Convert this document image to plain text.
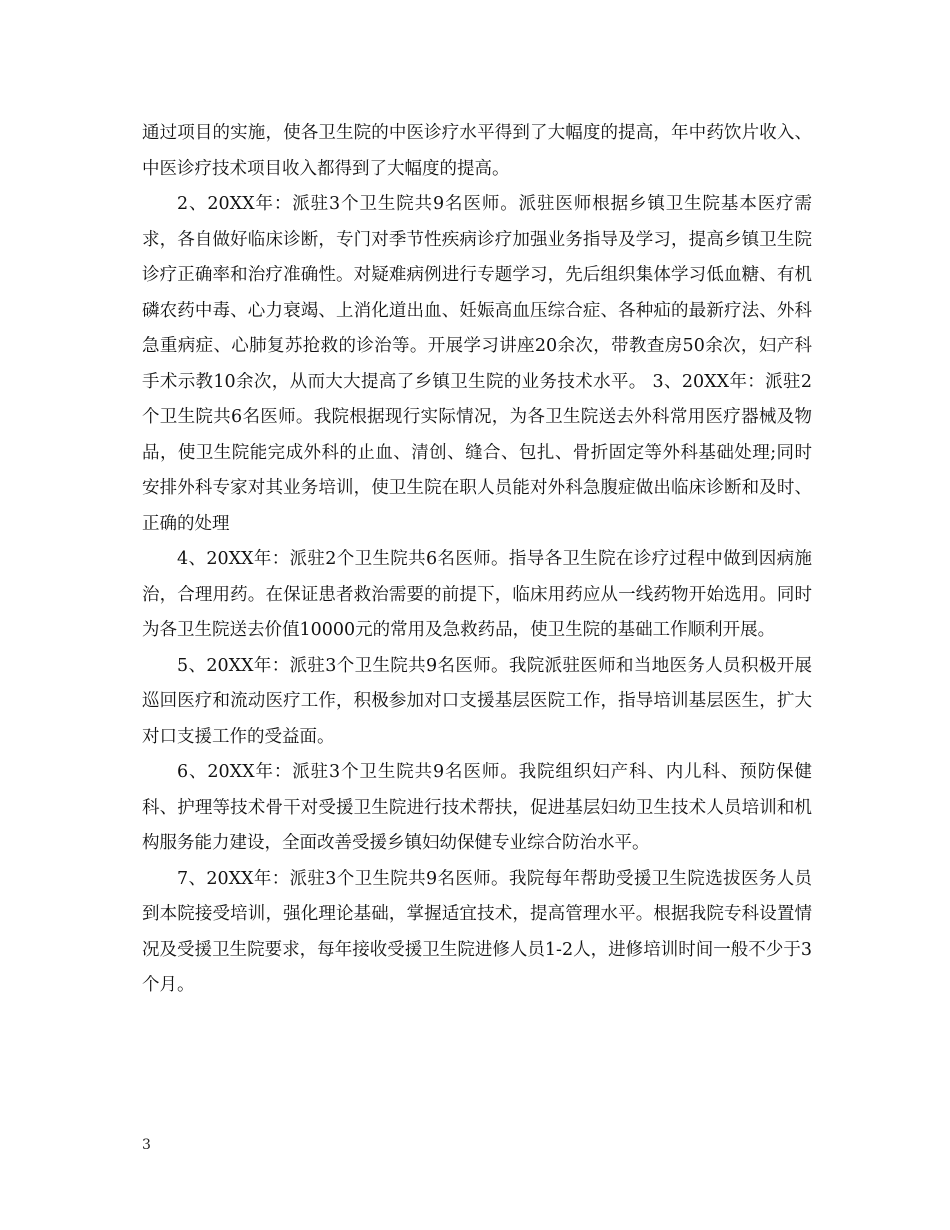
通过项目的实施，使各卫生院的中医诊疗水平得到了大幅度的提高，年中药饮片收入、中医诊疗技术项目收入都得到了大幅度的提高。

2、20XX年：派驻3个卫生院共9名医师。派驻医师根据乡镇卫生院基本医疗需求，各自做好临床诊断，专门对季节性疾病诊疗加强业务指导及学习，提高乡镇卫生院诊疗正确率和治疗准确性。对疑难病例进行专题学习，先后组织集体学习低血糖、有机磷农药中毒、心力衰竭、上消化道出血、妊娠高血压综合症、各种疝的最新疗法、外科急重病症、心肺复苏抢救的诊治等。开展学习讲座20余次，带教查房50余次，妇产科手术示教10余次，从而大大提高了乡镇卫生院的业务技术水平。 3、20XX年：派驻2个卫生院共6名医师。我院根据现行实际情况，为各卫生院送去外科常用医疗器械及物品，使卫生院能完成外科的止血、清创、缝合、包扎、骨折固定等外科基础处理;同时安排外科专家对其业务培训，使卫生院在职人员能对外科急腹症做出临床诊断和及时、正确的处理

4、20XX年：派驻2个卫生院共6名医师。指导各卫生院在诊疗过程中做到因病施治，合理用药。在保证患者救治需要的前提下，临床用药应从一线药物开始选用。同时为各卫生院送去价值10000元的常用及急救药品，使卫生院的基础工作顺利开展。

5、20XX年：派驻3个卫生院共9名医师。我院派驻医师和当地医务人员积极开展巡回医疗和流动医疗工作，积极参加对口支援基层医院工作，指导培训基层医生，扩大对口支援工作的受益面。

6、20XX年：派驻3个卫生院共9名医师。我院组织妇产科、内儿科、预防保健科、护理等技术骨干对受援卫生院进行技术帮扶，促进基层妇幼卫生技术人员培训和机构服务能力建设，全面改善受援乡镇妇幼保健专业综合防治水平。

7、20XX年：派驻3个卫生院共9名医师。我院每年帮助受援卫生院选拔医务人员到本院接受培训，强化理论基础，掌握适宜技术，提高管理水平。根据我院专科设置情况及受援卫生院要求，每年接收受援卫生院进修人员1-2人，进修培训时间一般不少于3个月。

3
